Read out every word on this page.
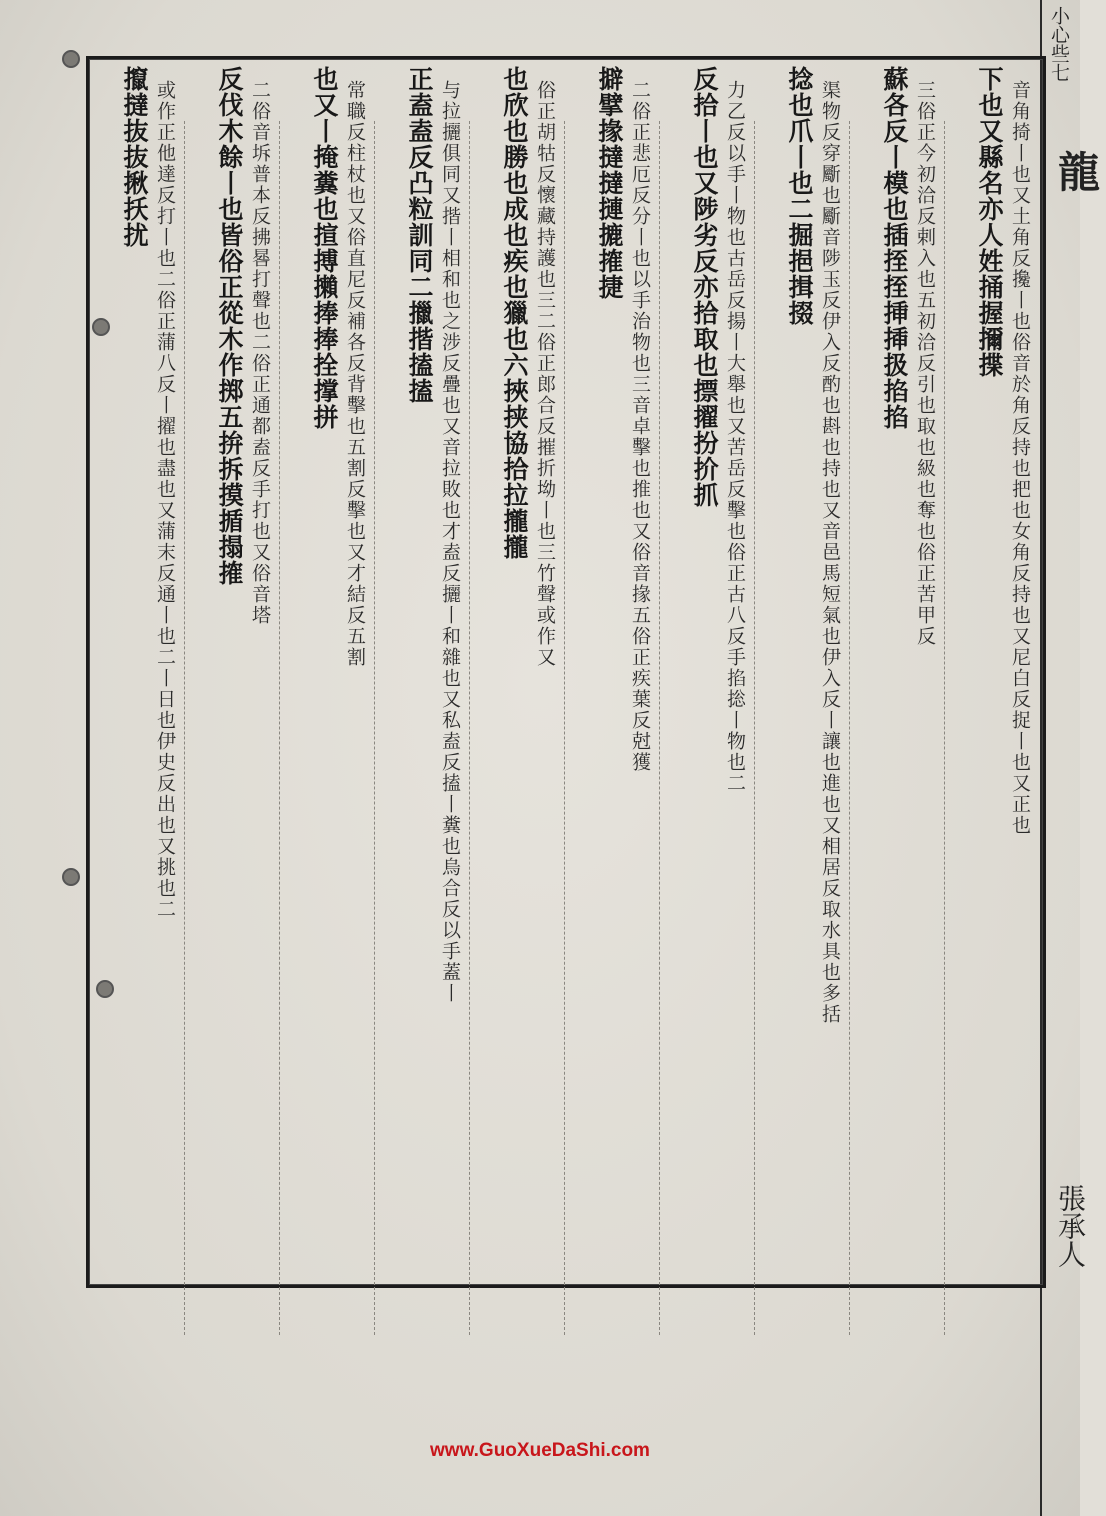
小心些七
龍
張承人
下也又縣名亦人姓捅握擟揲 音角掎丨也又土角反攙丨也俗音於角反持也把也女角反持也又尼白反捉丨也又正也
蘇各反丨模也插挃挃挿揷扱掐掐 三俗正今初洽反剌入也五初洽反引也取也級也奪也俗正苦甲反
捻也爪丨也二掘挹揖掇 渠物反穿斸也斸音陟玉反伊入反酌也斟也持也又音邑馬短氣也伊入反丨讓也進也又相居反取水具也多括
反拾丨也又陟劣反亦拾取也摽擢扮扴抓 力乙反以手丨物也古岳反揚丨大舉也又苦岳反擊也俗正古八反手掐捴丨物也二
擗擘掾撻撻摙摝搉捷 二俗正悲厄反分丨也以手治物也三音卓擊也推也又俗音掾五俗正疾葉反尅獲
也欣也勝也成也疾也獵也六挾挟協拾拉攏攏 俗正胡牯反懷藏持護也三二俗正郎合反摧折坳丨也三竹聲或作又
正盍盍反凸粒訓同二擸揩搕搕 与拉攦俱同又揩丨相和也之涉反疊也又音拉敗也才盍反攦丨和雜也又私盍反搕丨糞也烏合反以手蓋丨
也又丨掩糞也揎搏攋捧捧拴撑拼 常職反柱杖也又俗直尼反補各反背擊也五割反擊也又才結反五割
反伐木餘丨也皆俗正從木作掷五拚拆摸揗搨搉 二俗音坼普本反拂晷打聲也二俗正通都盍反手打也又俗音塔
攛撻抜抜揪扷扰 或作正他達反打丨也二俗正蒲八反丨擢也盡也又蒲末反通丨也二丨日也伊史反出也又挑也二
www.GuoXueDaShi.com
